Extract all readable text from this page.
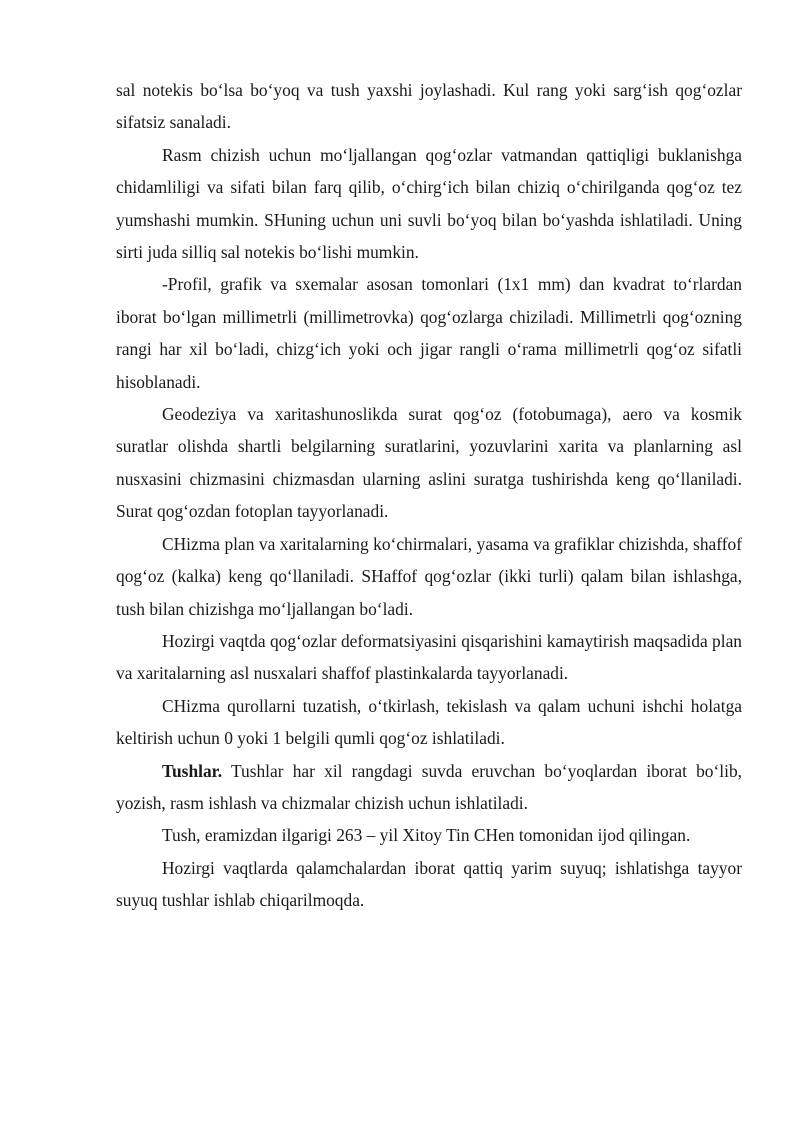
sal notekis bo‘lsa bo‘yoq va tush yaxshi joylashadi. Kul rang yoki sarg‘ish qog‘ozlar sifatsiz sanaladi.

Rasm chizish uchun mo‘ljallangan qog‘ozlar vatmandan qattiqligi buklanishga chidamliligi va sifati bilan farq qilib, o‘chirg‘ich bilan chiziq o‘chirilganda qog‘oz tez yumshashi mumkin. SHuning uchun uni suvli bo‘yoq bilan bo‘yashda ishlatiladi. Uning sirti juda silliq sal notekis bo‘lishi mumkin.

-Profil, grafik va sxemalar asosan tomonlari (1x1 mm) dan kvadrat to‘rlardan iborat bo‘lgan millimetrli (millimetrovka) qog‘ozlarga chiziladi. Millimetrli qog‘ozning rangi har xil bo‘ladi, chizg‘ich yoki och jigar rangli o‘rama millimetrli qog‘oz sifatli hisoblanadi.

Geodeziya va xaritashunoslikda surat qog‘oz (fotobumaga), aero va kosmik suratlar olishda shartli belgilarning suratlarini, yozuvlarini xarita va planlarning asl nusxasini chizmasini chizmasdan ularning aslini suratga tushirishda keng qo‘llaniladi. Surat qog‘ozdan fotoplan tayyorlanadi.

CHizma plan va xaritalarning ko‘chirmalari, yasama va grafiklar chizishda, shaffof qog‘oz (kalka) keng qo‘llaniladi. SHaffof qog‘ozlar (ikki turli) qalam bilan ishlashga, tush bilan chizishga mo‘ljallangan bo‘ladi.

Hozirgi vaqtda qog‘ozlar deformatsiyasini qisqarishini kamaytirish maqsadida plan va xaritalarning asl nusxalari shaffof plastinkalarda tayyorlanadi.

CHizma qurollarni tuzatish, o‘tkirlash, tekislash va qalam uchuni ishchi holatga keltirish uchun 0 yoki 1 belgili qumli qog‘oz ishlatiladi.

Tushlar. Tushlar har xil rangdagi suvda eruvchan bo‘yoqlardan iborat bo‘lib, yozish, rasm ishlash va chizmalar chizish uchun ishlatiladi.

Tush, eramizdan ilgarigi 263 – yil Xitoy Tin CHen tomonidan ijod qilingan.

Hozirgi vaqtlarda qalamchalardan iborat qattiq yarim suyuq; ishlatishga tayyor suyuq tushlar ishlab chiqarilmoqda.
